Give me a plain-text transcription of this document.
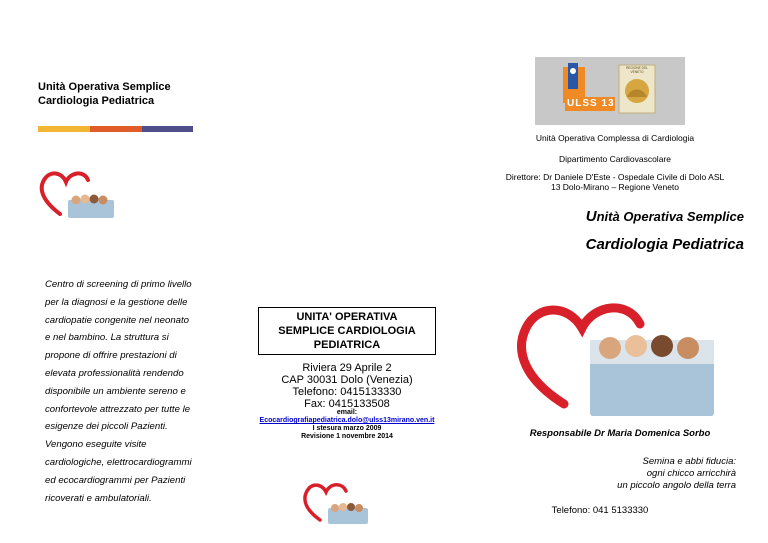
Unità Operativa Semplice
Cardiologia Pediatrica
Centro di screening di primo livello
per la diagnosi e la gestione delle
cardiopatie congenite nel neonato
e nel bambino. La struttura si
propone di offrire prestazioni di
elevata professionalità rendendo
disponibile un ambiente sereno e
confortevole attrezzato per tutte le
esigenze dei piccoli Pazienti.
Vengono eseguite visite
cardiologiche, elettrocardiogrammi
ed ecocardiogrammi per Pazienti
ricoverati e ambulatoriali.
UNITA' OPERATIVA
SEMPLICE CARDIOLOGIA
PEDIATRICA
Riviera 29 Aprile 2
CAP 30031 Dolo (Venezia)
Telefono: 0415133330
Fax: 0415133508
email:
Ecocardiografiapediatrica.dolo@ulss13mirano.ven.it
I stesura marzo 2009
Revisione 1 novembre 2014
ULSS 13
REGIONE DEL VENETO
Unità Operativa Complessa di Cardiologia
Dipartimento Cardiovascolare
Direttore: Dr Daniele D'Este - Ospedale Civile di Dolo ASL
13 Dolo-Mirano – Regione Veneto
Unità Operativa Semplice
Cardiologia Pediatrica
Responsabile Dr Maria Domenica Sorbo
Semina e abbi fiducia:
ogni chicco arricchirà
un piccolo angolo della terra
Telefono: 041 5133330
